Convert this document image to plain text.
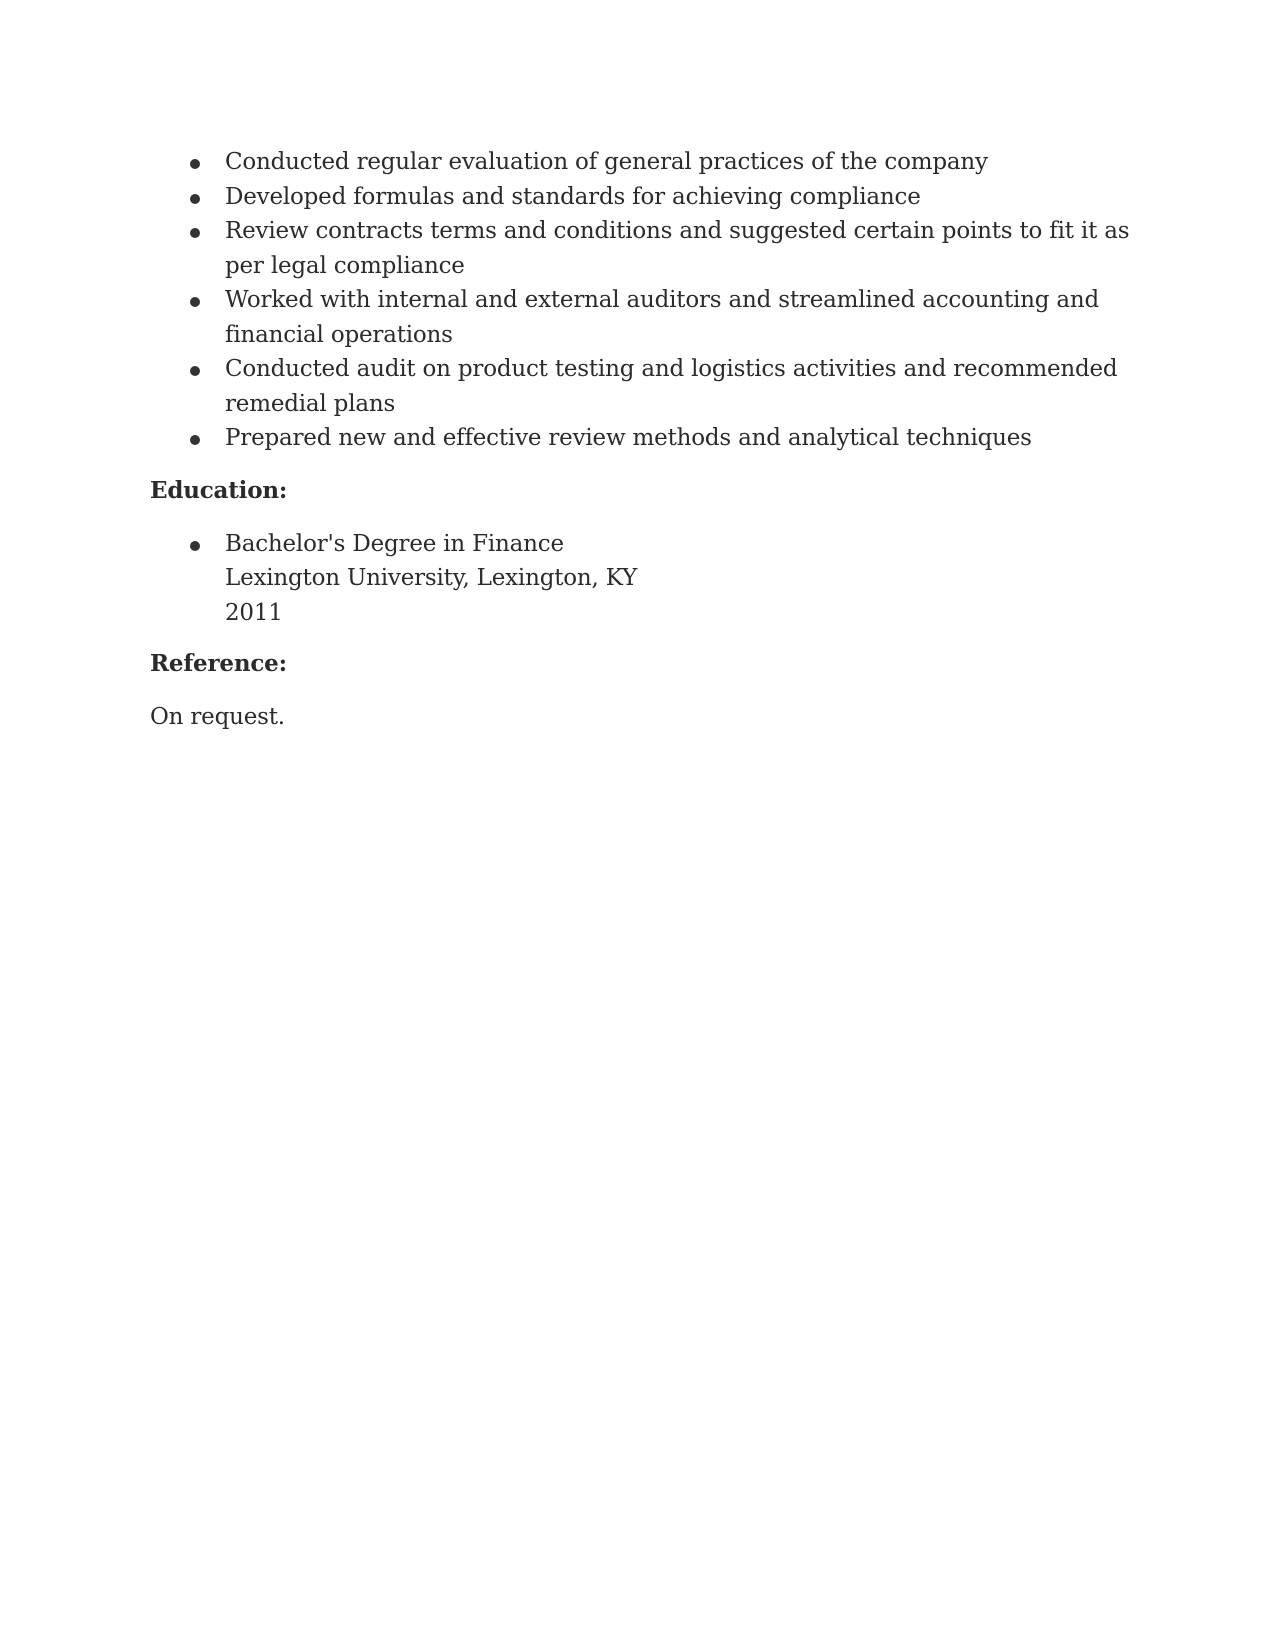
Conducted regular evaluation of general practices of the company
Developed formulas and standards for achieving compliance
Review contracts terms and conditions and suggested certain points to fit it as per legal compliance
Worked with internal and external auditors and streamlined accounting and financial operations
Conducted audit on product testing and logistics activities and recommended remedial plans
Prepared new and effective review methods and analytical techniques
Education:
Bachelor's Degree in Finance
Lexington University, Lexington, KY
2011
Reference:

On request.
